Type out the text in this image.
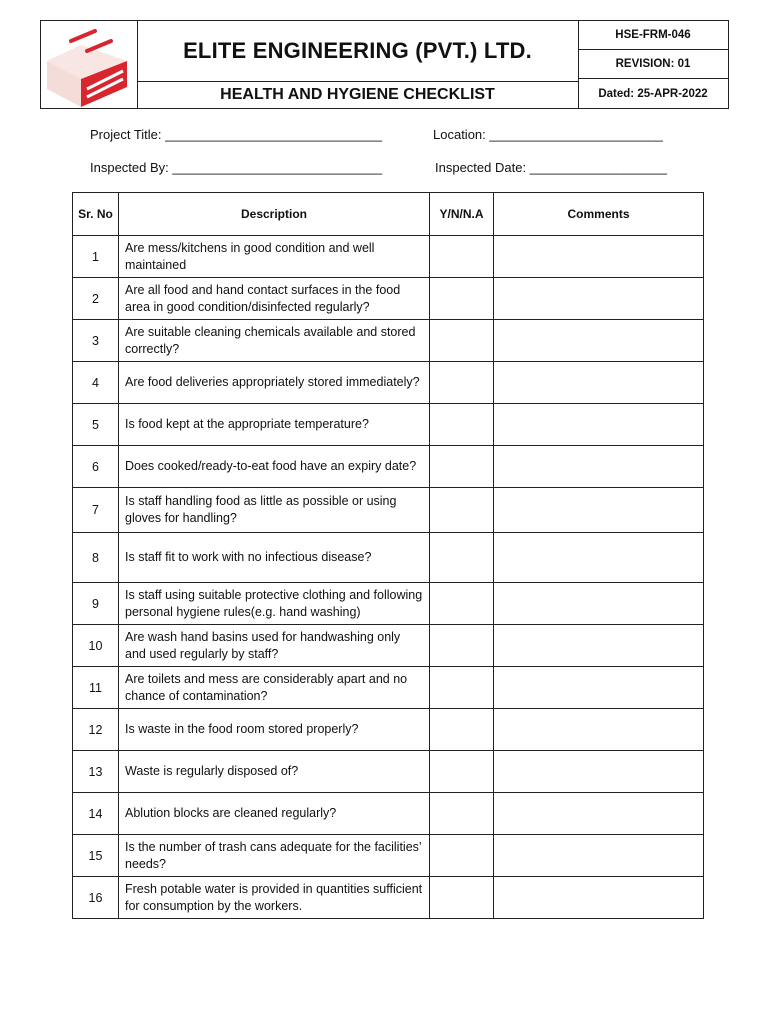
ELITE ENGINEERING (PVT.) LTD.
HEALTH AND HYGIENE CHECKLIST
HSE-FRM-046
REVISION: 01
Dated: 25-APR-2022
Project Title: ______________________________	Location: ________________________
Inspected By: _____________________________	Inspected Date: ___________________
Sr. No	Description	Y/N/N.A	Comments
1	Are mess/kitchens in good condition and well maintained		
2	Are all food and hand contact surfaces in the food area in good condition/disinfected regularly?		
3	Are suitable cleaning chemicals available and stored correctly?		
4	Are food deliveries appropriately stored immediately?		
5	Is food kept at the appropriate temperature?		
6	Does cooked/ready-to-eat food have an expiry date?		
7	Is staff handling food as little as possible or using gloves for handling?		
8	Is staff fit to work with no infectious disease?		
9	Is staff using suitable protective clothing and following personal hygiene rules(e.g. hand washing)		
10	Are wash hand basins used for handwashing only and used regularly by staff?		
11	Are toilets and mess are considerably apart and no chance of contamination?		
12	Is waste in the food room stored properly?		
13	Waste is regularly disposed of?		
14	Ablution blocks are cleaned regularly?		
15	Is the number of trash cans adequate for the facilities’ needs?		
16	Fresh potable water is provided in quantities sufficient for consumption by the workers.		
